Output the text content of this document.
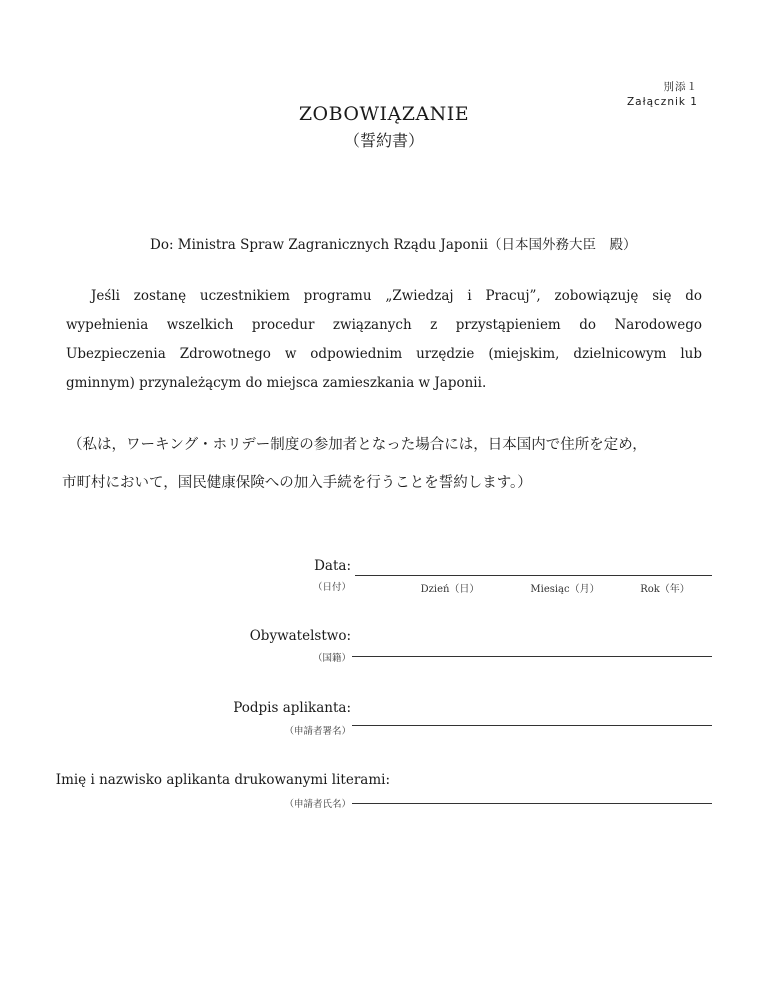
別添１
Załącznik 1
ZOBOWIĄZANIE
（誓約書）
Do: Ministra Spraw Zagranicznych Rządu Japonii（日本国外務大臣　殿）
Jeśli zostanę uczestnikiem programu „Zwiedzaj i Pracuj”, zobowiązuję się do wypełnienia wszelkich procedur związanych z przystąpieniem do Narodowego Ubezpieczenia Zdrowotnego w odpowiednim urzędzie (miejskim, dzielnicowym lub gminnym) przynależącym do miejsca zamieszkania w Japonii.
（私は，ワーキング・ホリデー制度の参加者となった場合には，日本国内で住所を定め，
市町村において，国民健康保険への加入手続を行うことを誓約します。）
Data:
（日付）	Dzień（日）	Miesiąc（月）	Rok（年）
Obywatelstwo:
（国籍）
Podpis aplikanta:
（申請者署名）
Imię i nazwisko aplikanta drukowanymi literami:
（申請者氏名）
